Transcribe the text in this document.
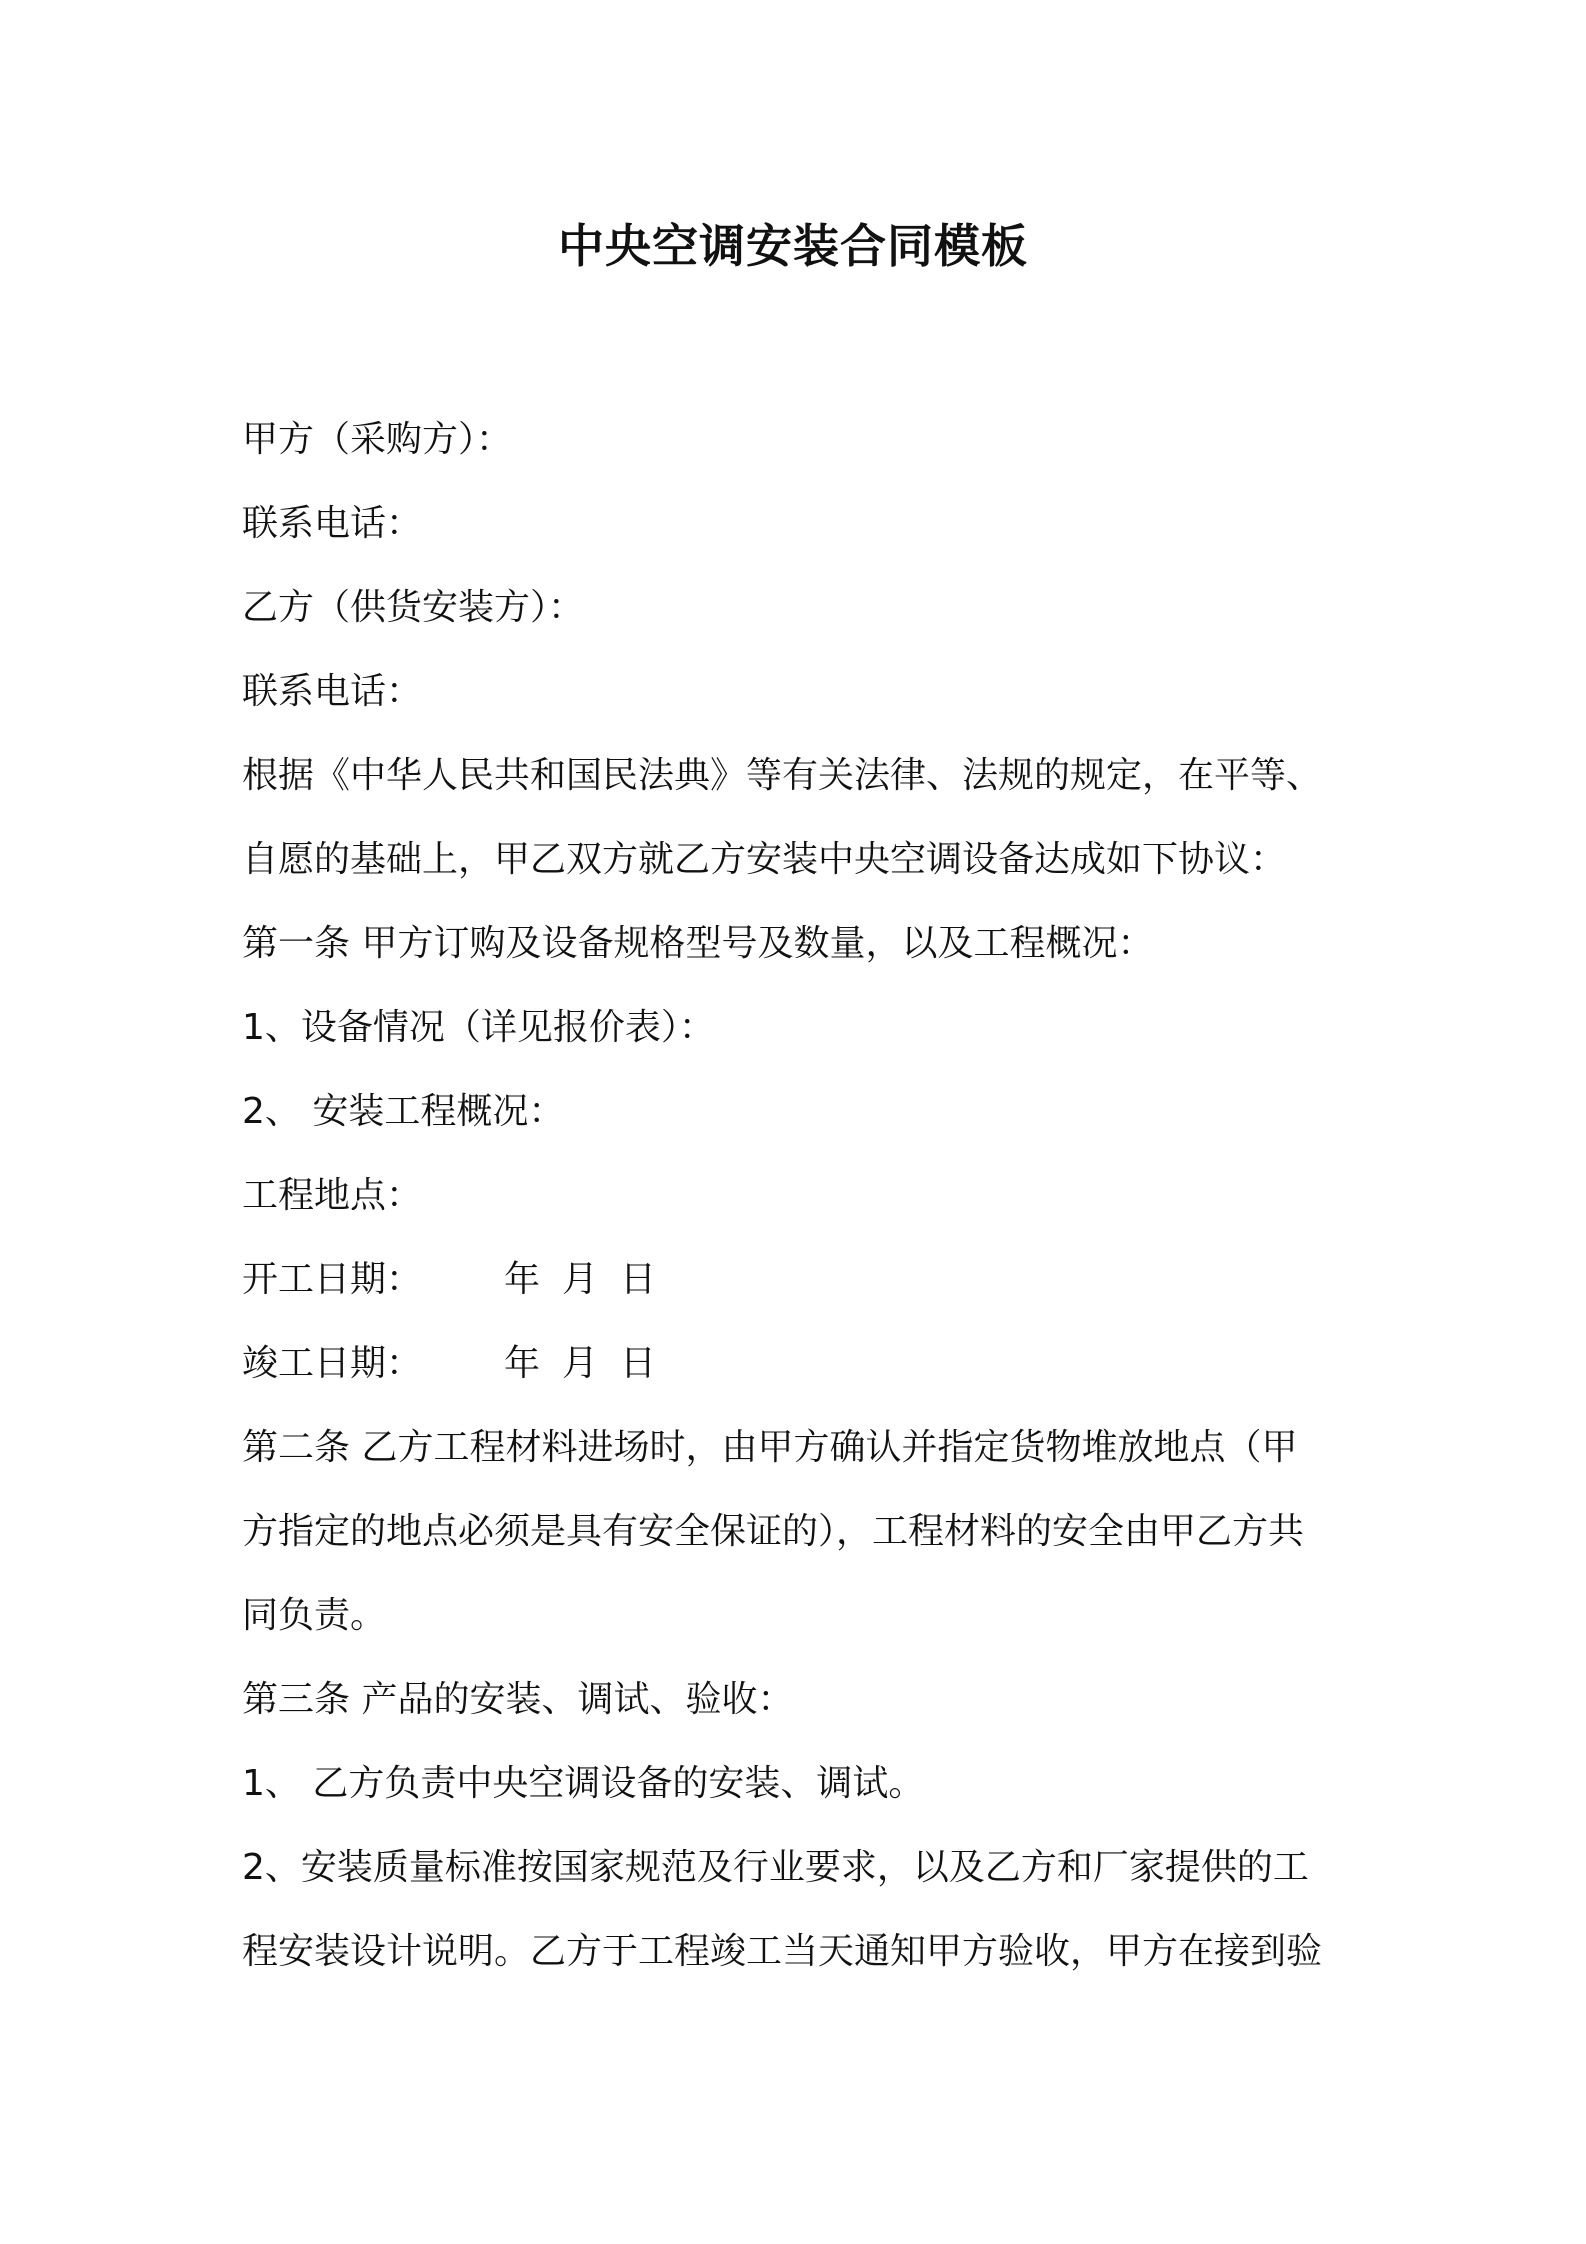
中央空调安装合同模板

甲方（采购方）：

联系电话：

乙方（供货安装方）：

联系电话：

根据《中华人民共和国民法典》等有关法律、法规的规定，在平等、

自愿的基础上，甲乙双方就乙方安装中央空调设备达成如下协议：

第一条 甲方订购及设备规格型号及数量，以及工程概况：

1、设备情况（详见报价表）：

2、 安装工程概况：

工程地点：

开工日期： 年 月 日

竣工日期： 年 月 日

第二条 乙方工程材料进场时，由甲方确认并指定货物堆放地点（甲

方指定的地点必须是具有安全保证的），工程材料的安全由甲乙方共

同负责。

第三条 产品的安装、调试、验收：

1、 乙方负责中央空调设备的安装、调试。

2、安装质量标准按国家规范及行业要求，以及乙方和厂家提供的工

程安装设计说明。乙方于工程竣工当天通知甲方验收，甲方在接到验
